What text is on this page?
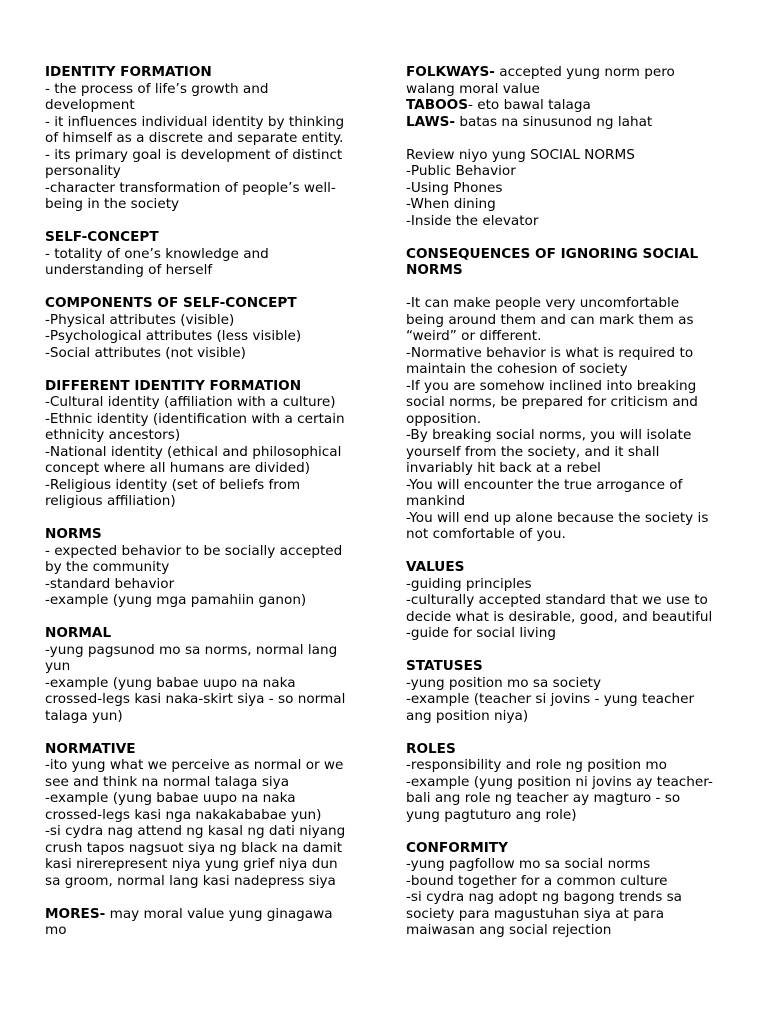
IDENTITY FORMATION
- the process of life’s growth and
development
- it influences individual identity by thinking
of himself as a discrete and separate entity.
- its primary goal is development of distinct
personality
-character transformation of people’s well-
being in the society
SELF-CONCEPT
- totality of one’s knowledge and
understanding of herself
COMPONENTS OF SELF-CONCEPT
-Physical attributes (visible)
-Psychological attributes (less visible)
-Social attributes (not visible)
DIFFERENT IDENTITY FORMATION
-Cultural identity (affiliation with a culture)
-Ethnic identity (identification with a certain
ethnicity ancestors)
-National identity (ethical and philosophical
concept where all humans are divided)
-Religious identity (set of beliefs from
religious affiliation)
NORMS
- expected behavior to be socially accepted
by the community
-standard behavior
-example (yung mga pamahiin ganon)
NORMAL
-yung pagsunod mo sa norms, normal lang
yun
-example (yung babae uupo na naka
crossed-legs kasi naka-skirt siya - so normal
talaga yun)
NORMATIVE
-ito yung what we perceive as normal or we
see and think na normal talaga siya
-example (yung babae uupo na naka
crossed-legs kasi nga nakakababae yun)
-si cydra nag attend ng kasal ng dati niyang
crush tapos nagsuot siya ng black na damit
kasi nirerepresent niya yung grief niya dun
sa groom, normal lang kasi nadepress siya
MORES- may moral value yung ginagawa
mo
FOLKWAYS- accepted yung norm pero
walang moral value
TABOOS- eto bawal talaga
LAWS- batas na sinusunod ng lahat
Review niyo yung SOCIAL NORMS
-Public Behavior
-Using Phones
-When dining
-Inside the elevator
CONSEQUENCES OF IGNORING SOCIAL
NORMS
-It can make people very uncomfortable
being around them and can mark them as
“weird” or different.
-Normative behavior is what is required to
maintain the cohesion of society
-If you are somehow inclined into breaking
social norms, be prepared for criticism and
opposition.
-By breaking social norms, you will isolate
yourself from the society, and it shall
invariably hit back at a rebel
-You will encounter the true arrogance of
mankind
-You will end up alone because the society is
not comfortable of you.
VALUES
-guiding principles
-culturally accepted standard that we use to
decide what is desirable, good, and beautiful
-guide for social living
STATUSES
-yung position mo sa society
-example (teacher si jovins - yung teacher
ang position niya)
ROLES
-responsibility and role ng position mo
-example (yung position ni jovins ay teacher-
bali ang role ng teacher ay magturo - so
yung pagtuturo ang role)
CONFORMITY
-yung pagfollow mo sa social norms
-bound together for a common culture
-si cydra nag adopt ng bagong trends sa
society para magustuhan siya at para
maiwasan ang social rejection
